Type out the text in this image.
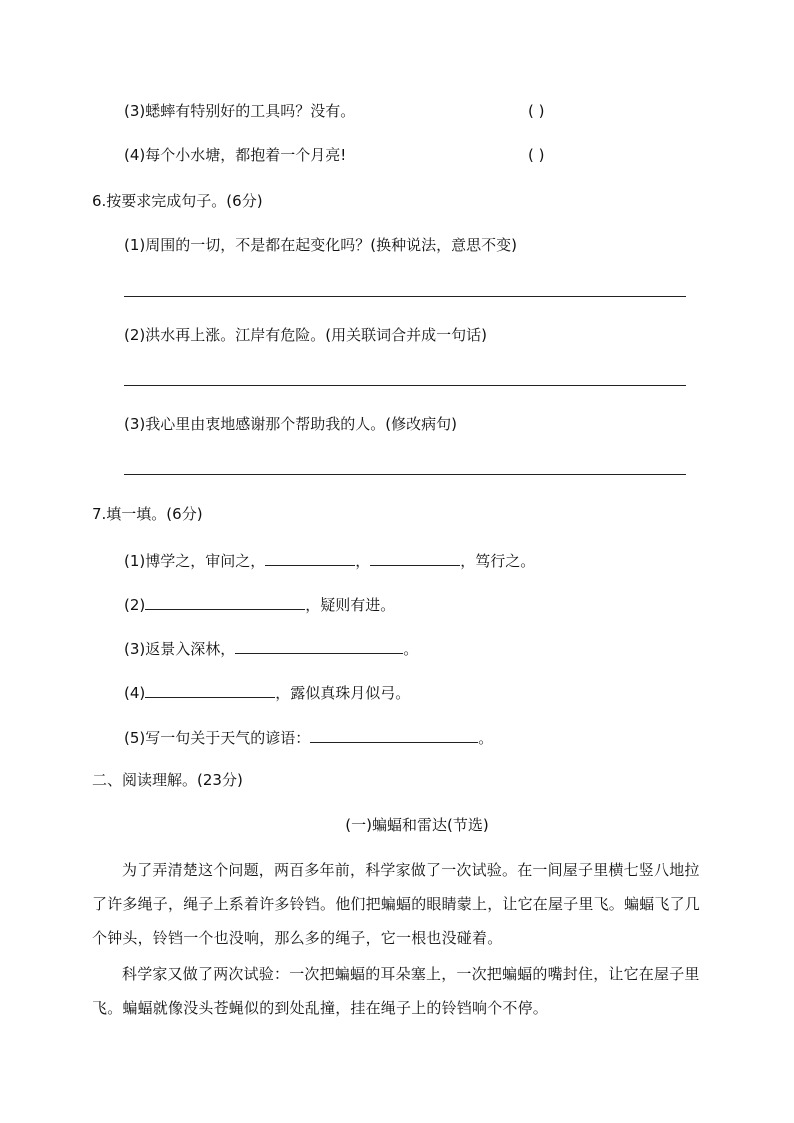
(3)蟋蟀有特别好的工具吗？没有。	( )
(4)每个小水塘，都抱着一个月亮!	( )
6.按要求完成句子。(6分)
(1)周围的一切，不是都在起变化吗？(换种说法，意思不变)
(2)洪水再上涨。江岸有危险。(用关联词合并成一句话)
(3)我心里由衷地感谢那个帮助我的人。(修改病句)
7.填一填。(6分)
(1)博学之，审问之，	，	，笃行之。
(2)	，疑则有进。
(3)返景入深林，	。
(4)	，露似真珠月似弓。
(5)写一句关于天气的谚语：	。
二、阅读理解。(23分)
(一)蝙蝠和雷达(节选)
为了弄清楚这个问题，两百多年前，科学家做了一次试验。在一间屋子里横七竖八地拉了许多绳子，绳子上系着许多铃铛。他们把蝙蝠的眼睛蒙上，让它在屋子里飞。蝙蝠飞了几个钟头，铃铛一个也没响，那么多的绳子，它一根也没碰着。
科学家又做了两次试验：一次把蝙蝠的耳朵塞上，一次把蝙蝠的嘴封住，让它在屋子里飞。蝙蝠就像没头苍蝇似的到处乱撞，挂在绳子上的铃铛响个不停。
